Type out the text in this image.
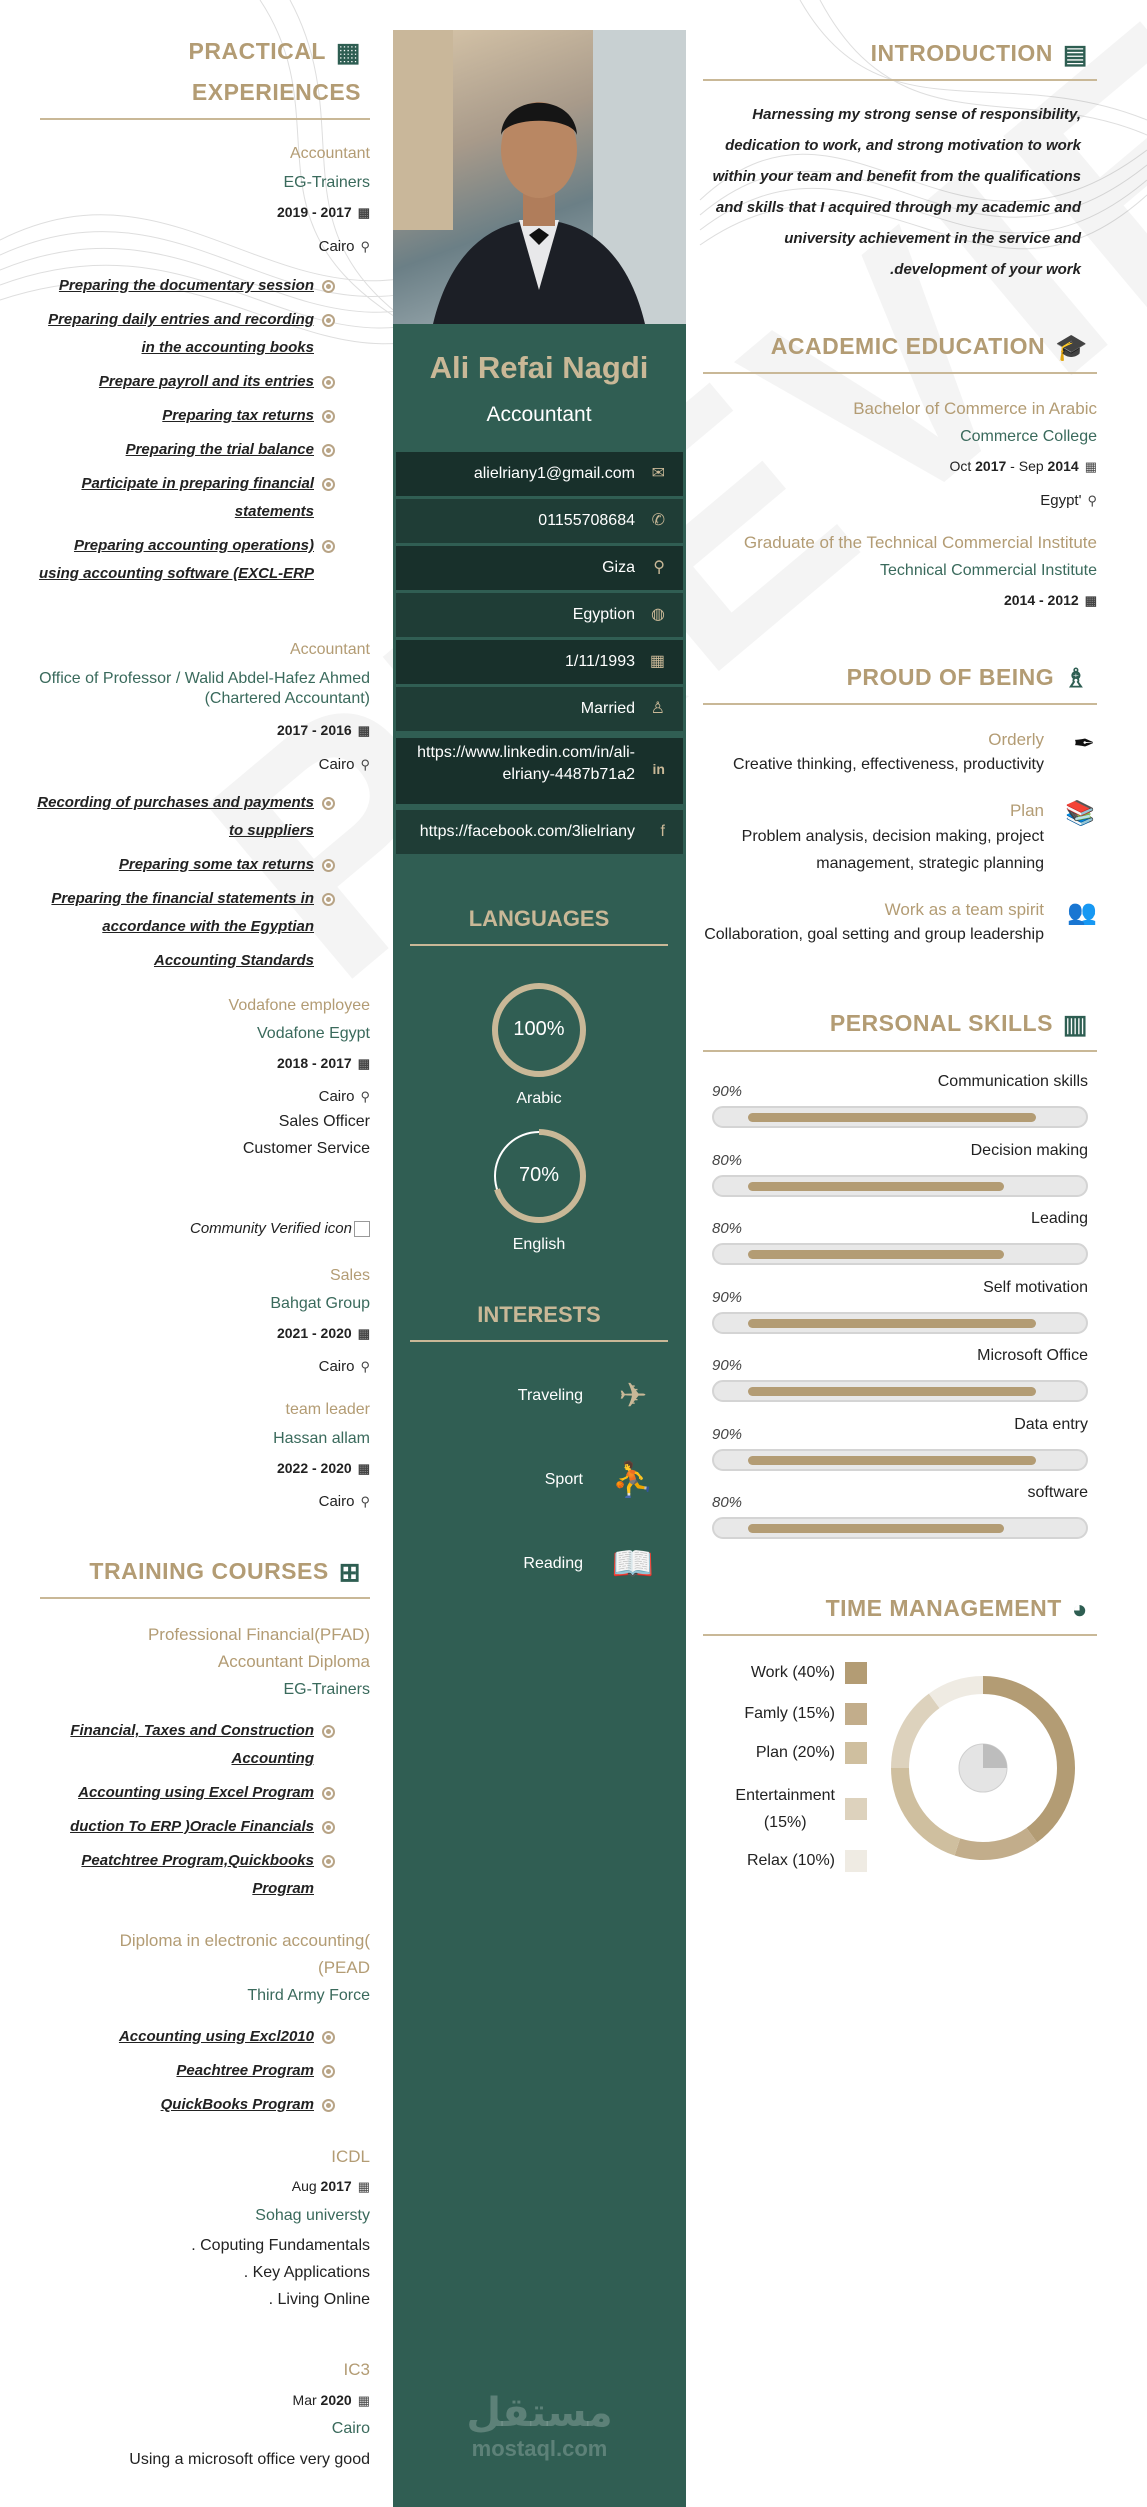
Ali Refai Nagdi
Accountant
alielriany1@gmail.com ✉
01155708684 ✆
Giza ⚲
Egyption ◍
1/11/1993 ▦
Married ♙
https://www.linkedin.com/in/ali-elriany-4487b71a2 in
https://facebook.com/3lielriany f
LANGUAGES
100%
Arabic
70%
English
INTERESTS
Traveling ✈
Sport ⛹
Reading 📖
مستقل
mostaql.com
PRACTICAL ▦
EXPERIENCES
Accountant
EG-Trainers
2019 - 2017 ▦
Cairo ⚲
Preparing the documentary session
Preparing daily entries and recording
in the accounting books
Prepare payroll and its entries
Preparing tax returns
Preparing the trial balance
Participate in preparing financial
statements
Preparing accounting operations)
using accounting software (EXCL-ERP
Accountant
Office of Professor / Walid Abdel-Hafez Ahmed
(Chartered Accountant)
2017 - 2016 ▦
Cairo ⚲
Recording of purchases and payments
to suppliers
Preparing some tax returns
Preparing the financial statements in
accordance with the Egyptian
Accounting Standards
Vodafone employee
Vodafone Egypt
2018 - 2017 ▦
Cairo ⚲
Sales Officer
Customer Service
Community Verified icon
Sales
Bahgat Group
2021 - 2020 ▦
Cairo ⚲
team leader
Hassan allam
2022 - 2020 ▦
Cairo ⚲
TRAINING COURSES ⊞
Professional Financial(PFAD)
Accountant Diploma
EG-Trainers
Financial, Taxes and Construction
Accounting
Accounting using Excel Program
duction To ERP )Oracle Financials
Peatchtree Program,Quickbooks
Program
Diploma in electronic accounting(
(PEAD
Third Army Force
Accounting using Excl2010
Peachtree Program
QuickBooks Program
ICDL
Aug 2017 ▦
Sohag universty
. Coputing Fundamentals
. Key Applications
. Living Online
IC3
Mar 2020 ▦
Cairo
Using a microsoft office very good
INTRODUCTION ▤
Harnessing my strong sense of responsibility,
dedication to work, and strong motivation to work
within your team and benefit from the qualifications
and skills that I acquired through my academic and
university achievement in the service and
.development of your work
ACADEMIC EDUCATION 🎓
Bachelor of Commerce in Arabic
Commerce College
Oct 2017 - Sep 2014 ▦
Egypt' ⚲
Graduate of the Technical Commercial Institute
Technical Commercial Institute
2014 - 2012 ▦
PROUD OF BEING ♗
Orderly
Creative thinking, effectiveness, productivity
✒
Plan
Problem analysis, decision making, project
management, strategic planning
📚
Work as a team spirit
Collaboration, goal setting and group leadership
👥
PERSONAL SKILLS ▥
Communication skills
90%
Decision making
80%
Leading
80%
Self motivation
90%
Microsoft Office
90%
Data entry
90%
software
80%
TIME MANAGEMENT ◕
Work (40%)
Famly (15%)
Plan (20%)
Entertainment
(15%)
Relax (10%)
